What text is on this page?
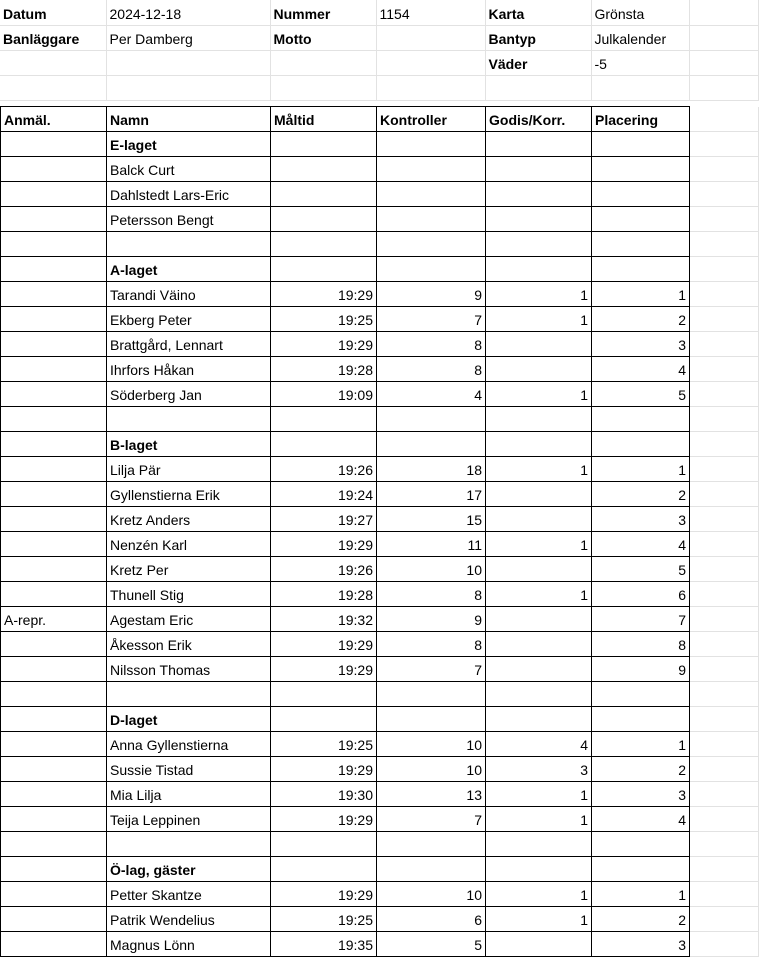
Datum	2024-12-18	Nummer	1154	Karta	Grönsta	
Banläggare	Per Damberg	Motto		Bantyp	Julkalender	
				Väder	-5	

Anmäl.	Namn	Måltid	Kontroller	Godis/Korr.	Placering	
	E-laget					
	Balck Curt					
	Dahlstedt Lars-Eric					
	Petersson Bengt					

	A-laget					
	Tarandi Väino	19:29	9	1	1	
	Ekberg Peter	19:25	7	1	2	
	Brattgård, Lennart	19:29	8		3	
	Ihrfors Håkan	19:28	8		4	
	Söderberg Jan	19:09	4	1	5	

	B-laget					
	Lilja Pär	19:26	18	1	1	
	Gyllenstierna Erik	19:24	17		2	
	Kretz Anders	19:27	15		3	
	Nenzén Karl	19:29	11	1	4	
	Kretz Per	19:26	10		5	
	Thunell Stig	19:28	8	1	6	
A-repr.	Agestam Eric	19:32	9		7	
	Åkesson Erik	19:29	8		8	
	Nilsson Thomas	19:29	7		9	

	D-laget					
	Anna Gyllenstierna	19:25	10	4	1	
	Sussie Tistad	19:29	10	3	2	
	Mia Lilja	19:30	13	1	3	
	Teija Leppinen	19:29	7	1	4	

	Ö-lag, gäster					
	Petter Skantze	19:29	10	1	1	
	Patrik Wendelius	19:25	6	1	2	
	Magnus Lönn	19:35	5		3	
